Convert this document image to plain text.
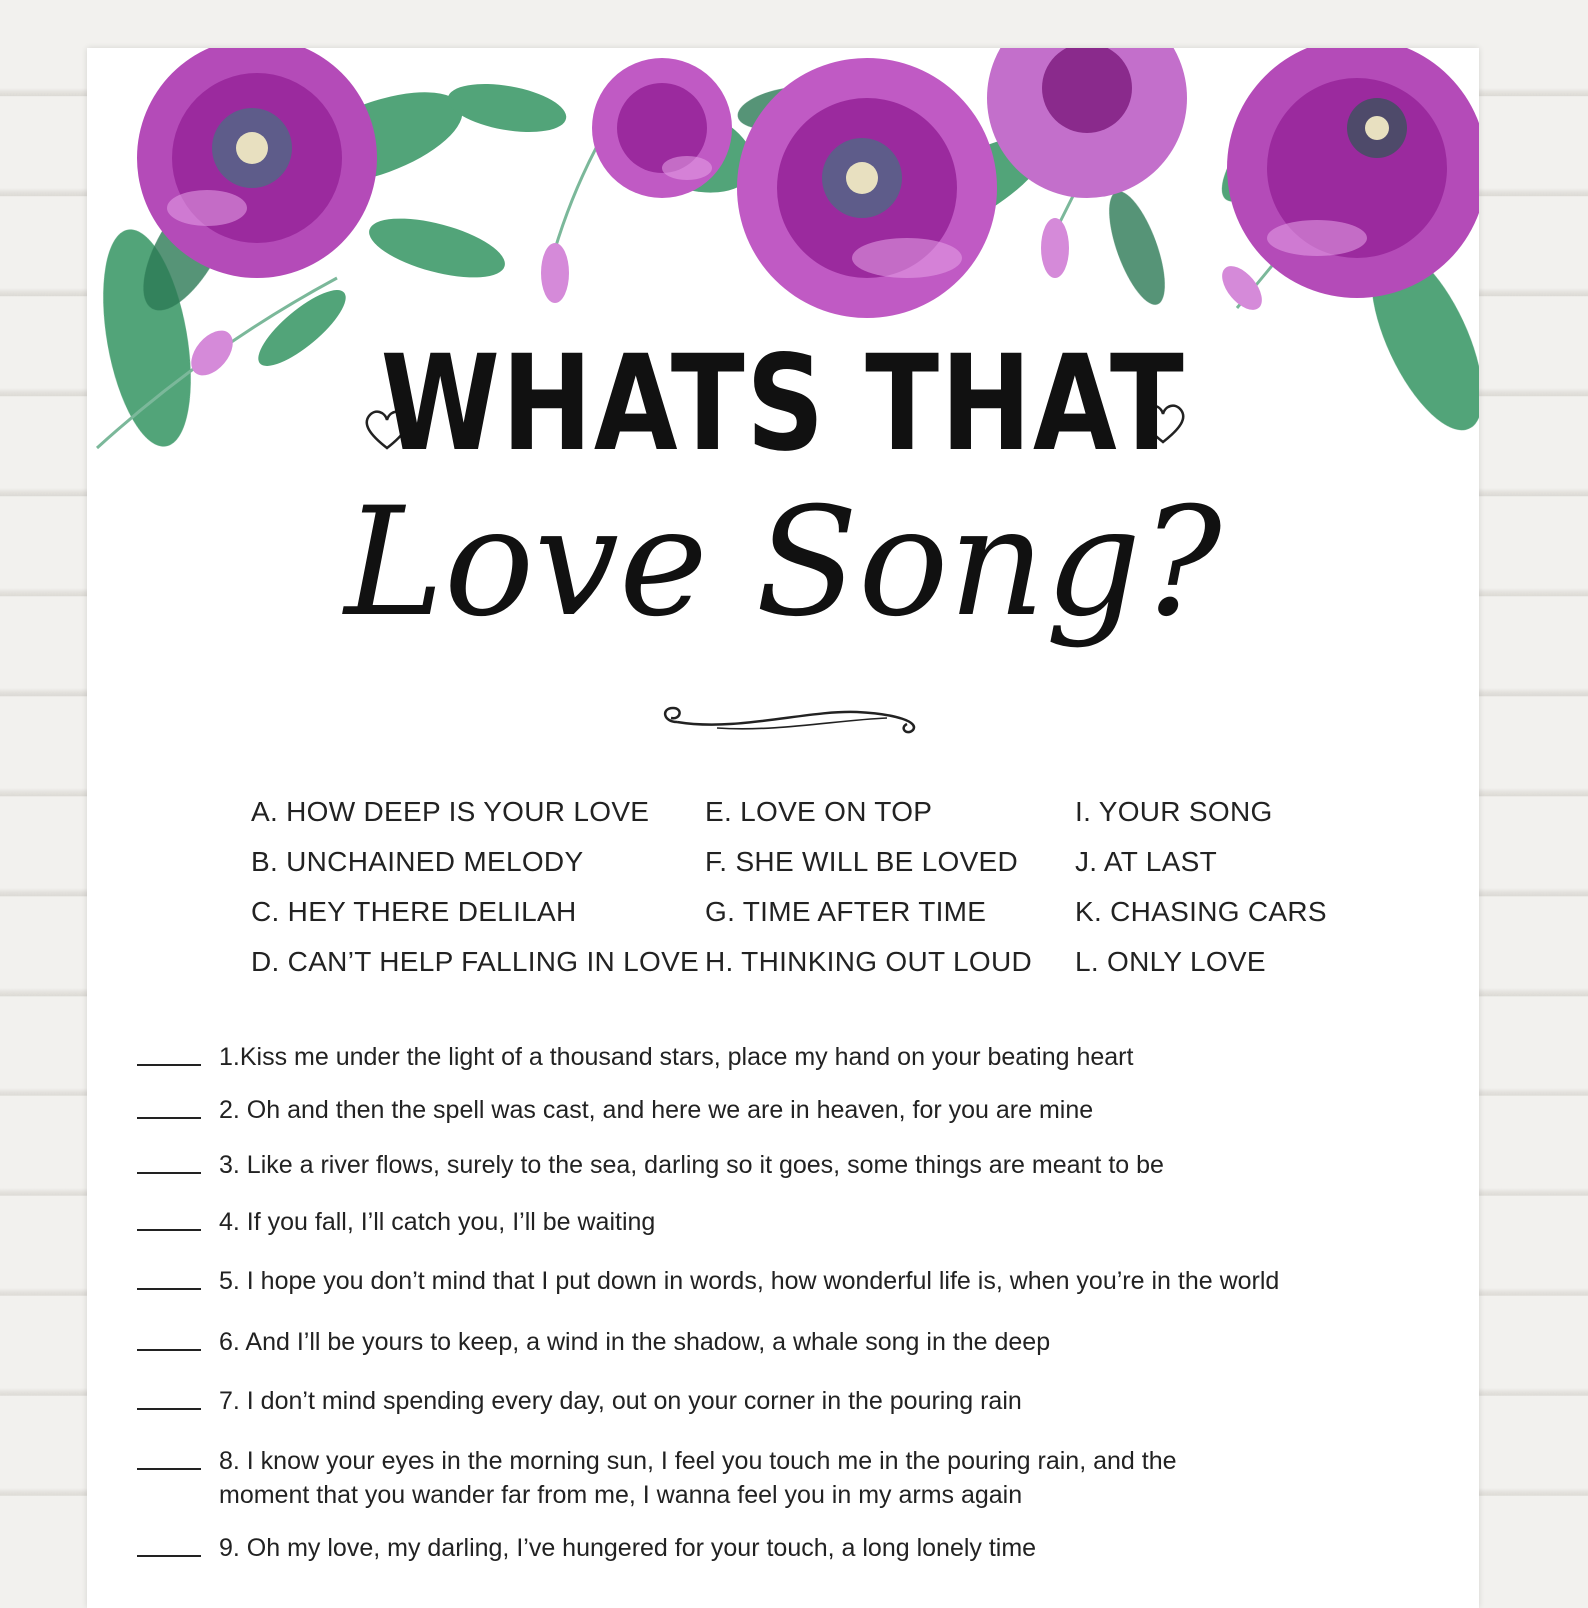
WHATS THAT
Love Song?
A. HOW DEEP IS YOUR LOVE
B. UNCHAINED MELODY
C. HEY THERE DELILAH
D. CAN’T HELP FALLING IN LOVE
E. LOVE ON TOP
F. SHE WILL BE LOVED
G. TIME AFTER TIME
H. THINKING OUT LOUD
I. YOUR SONG
J. AT LAST
K. CHASING CARS
L. ONLY LOVE
1.Kiss me under the light of a thousand stars, place my hand on your beating heart
2. Oh and then the spell was cast, and here we are in heaven, for you are mine
3. Like a river flows, surely to the sea, darling so it goes, some things are meant to be
4. If you fall, I’ll catch you, I’ll be waiting
5. I hope you don’t mind that I put down in words, how wonderful life is, when you’re in the world
6. And I’ll be yours to keep, a wind in the shadow, a whale song in the deep
7. I don’t mind spending every day, out on your corner in the pouring rain
8. I know your eyes in the morning sun, I feel you touch me in the pouring rain, and the
moment that you wander far from me, I wanna feel you in my arms again
9. Oh my love, my darling, I’ve hungered for your touch, a long lonely time
